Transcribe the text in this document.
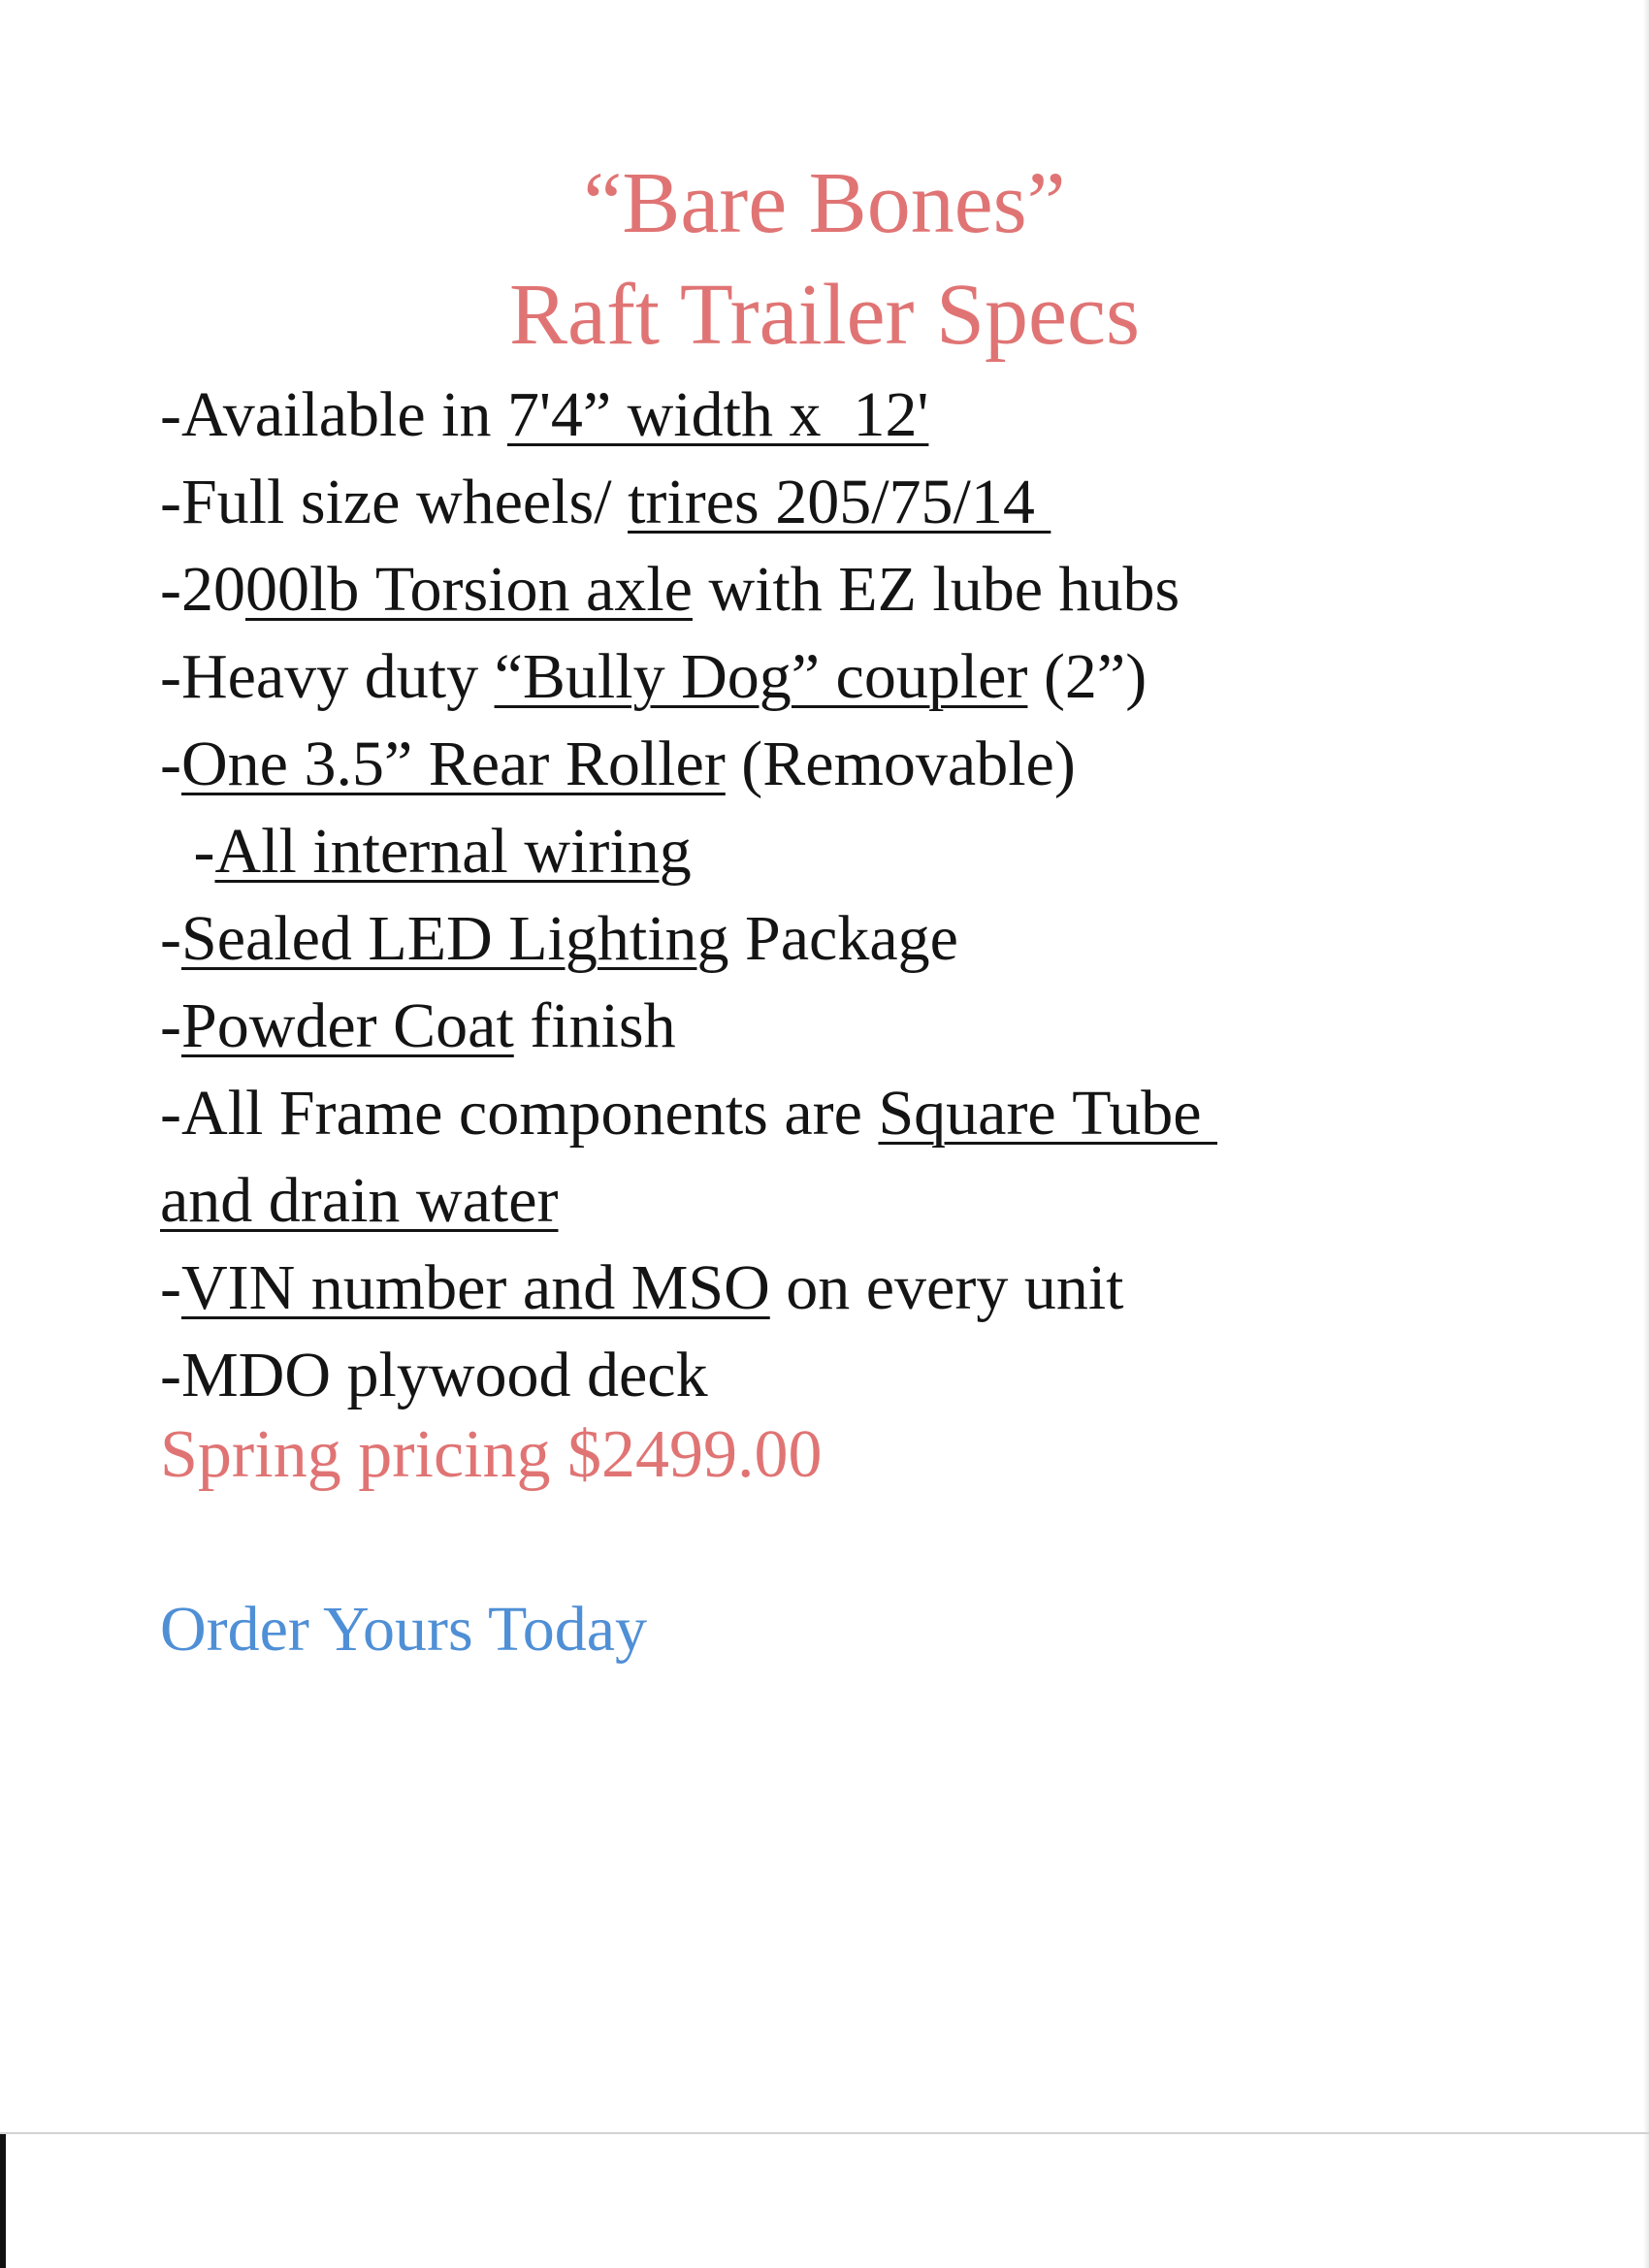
“Bare Bones”
Raft Trailer Specs
-Available in 7'4” width x  12'
-Full size wheels/ trires 205/75/14
-2000lb Torsion axle with EZ lube hubs
-Heavy duty “Bully Dog” coupler (2”)
-One 3.5” Rear Roller (Removable)
-All internal wiring
-Sealed LED Lighting Package
-Powder Coat finish
-All Frame components are Square Tube
and drain water
-VIN number and MSO on every unit
-MDO plywood deck
Spring pricing $2499.00
Order Yours Today
